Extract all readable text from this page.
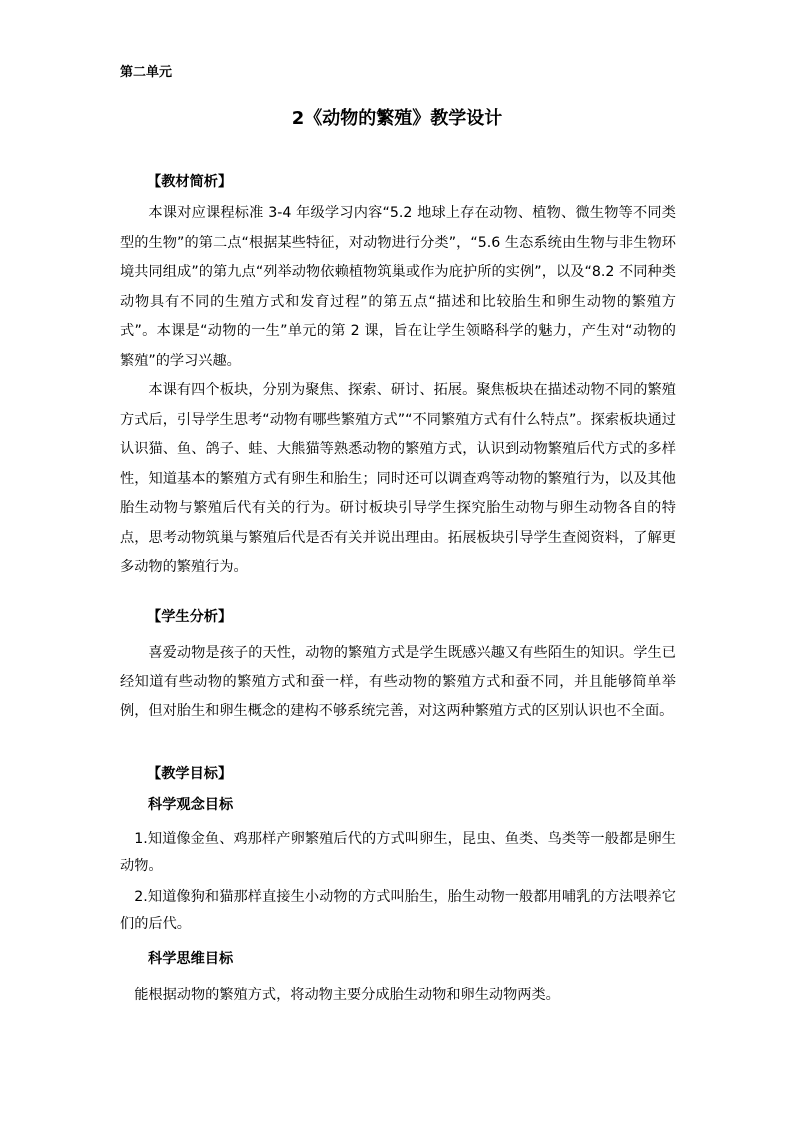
第二单元
2《动物的繁殖》教学设计
【教材简析】

本课对应课程标准 3-4 年级学习内容“5.2 地球上存在动物、植物、微生物等不同类型的生物”的第二点“根据某些特征，对动物进行分类”，“5.6 生态系统由生物与非生物环境共同组成”的第九点“列举动物依赖植物筑巢或作为庇护所的实例”，以及“8.2 不同种类动物具有不同的生殖方式和发育过程”的第五点“描述和比较胎生和卵生动物的繁殖方式”。本课是“动物的一生”单元的第 2 课，旨在让学生领略科学的魅力，产生对“动物的繁殖”的学习兴趣。

本课有四个板块，分别为聚焦、探索、研讨、拓展。聚焦板块在描述动物不同的繁殖方式后，引导学生思考“动物有哪些繁殖方式”“不同繁殖方式有什么特点”。探索板块通过认识猫、鱼、鸽子、蛙、大熊猫等熟悉动物的繁殖方式，认识到动物繁殖后代方式的多样性，知道基本的繁殖方式有卵生和胎生；同时还可以调查鸡等动物的繁殖行为，以及其他胎生动物与繁殖后代有关的行为。研讨板块引导学生探究胎生动物与卵生动物各自的特点，思考动物筑巢与繁殖后代是否有关并说出理由。拓展板块引导学生查阅资料，了解更多动物的繁殖行为。

【学生分析】

喜爱动物是孩子的天性，动物的繁殖方式是学生既感兴趣又有些陌生的知识。学生已经知道有些动物的繁殖方式和蚕一样，有些动物的繁殖方式和蚕不同，并且能够简单举例，但对胎生和卵生概念的建构不够系统完善，对这两种繁殖方式的区别认识也不全面。

【教学目标】
科学观念目标

1.知道像金鱼、鸡那样产卵繁殖后代的方式叫卵生，昆虫、鱼类、鸟类等一般都是卵生动物。

2.知道像狗和猫那样直接生小动物的方式叫胎生，胎生动物一般都用哺乳的方法喂养它们的后代。

科学思维目标

能根据动物的繁殖方式，将动物主要分成胎生动物和卵生动物两类。
